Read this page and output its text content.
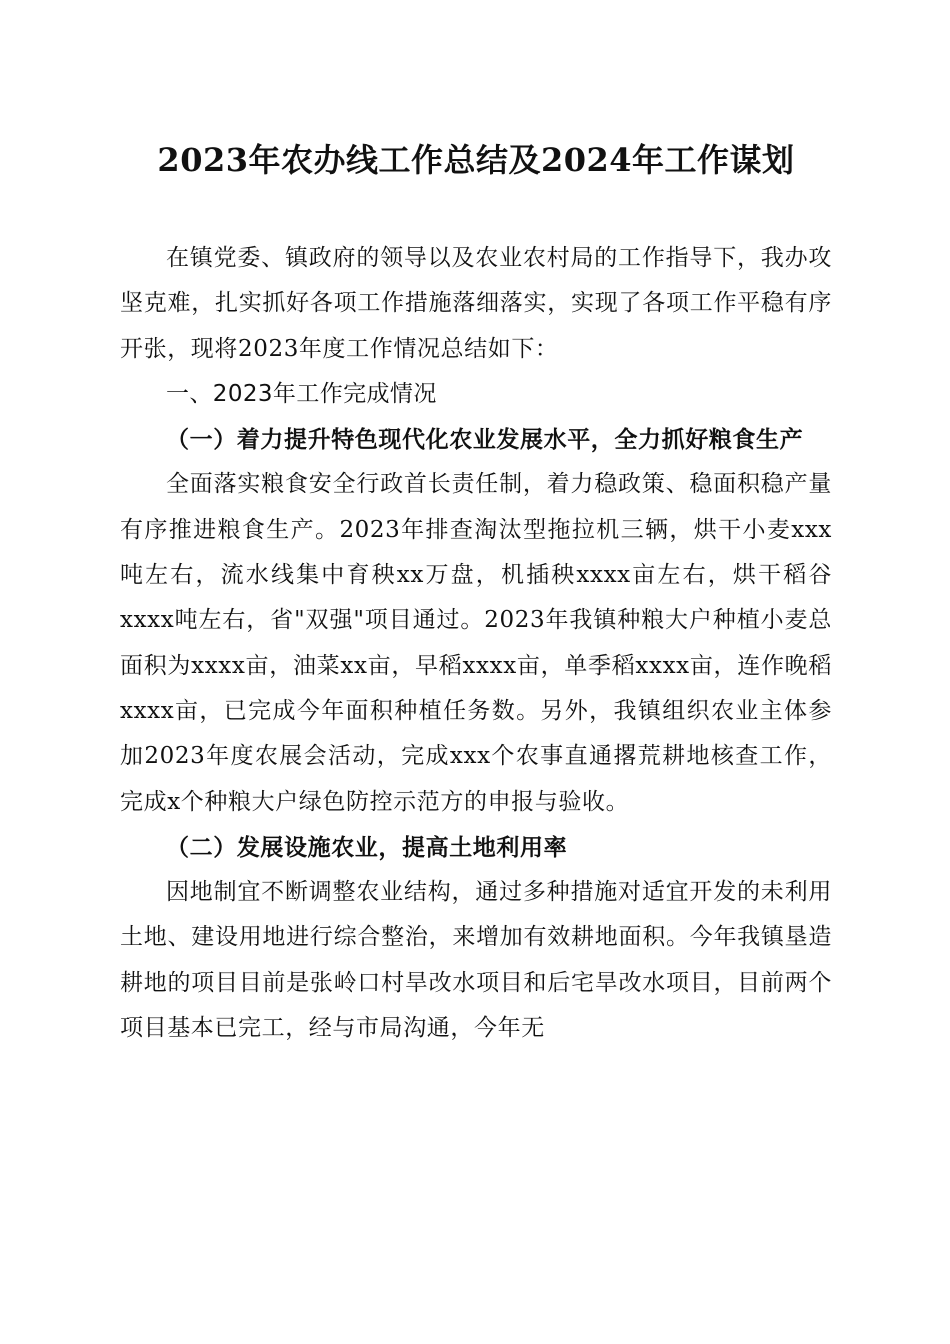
2023年农办线工作总结及2024年工作谋划

在镇党委、镇政府的领导以及农业农村局的工作指导下，我办攻坚克难，扎实抓好各项工作措施落细落实，实现了各项工作平稳有序开张，现将2023年度工作情况总结如下：

一、2023年工作完成情况

（一）着力提升特色现代化农业发展水平，全力抓好粮食生产

全面落实粮食安全行政首长责任制，着力稳政策、稳面积稳产量有序推进粮食生产。2023年排查淘汰型拖拉机三辆，烘干小麦xxx吨左右，流水线集中育秧xx万盘，机插秧xxxx亩左右，烘干稻谷xxxx吨左右，省"双强"项目通过。2023年我镇种粮大户种植小麦总面积为xxxx亩，油菜xx亩，早稻xxxx亩，单季稻xxxx亩，连作晚稻xxxx亩，已完成今年面积种植任务数。另外，我镇组织农业主体参加2023年度农展会活动，完成xxx个农事直通撂荒耕地核查工作，完成x个种粮大户绿色防控示范方的申报与验收。

（二）发展设施农业，提高土地利用率

因地制宜不断调整农业结构，通过多种措施对适宜开发的未利用土地、建设用地进行综合整治，来增加有效耕地面积。今年我镇垦造耕地的项目目前是张岭口村旱改水项目和后宅旱改水项目，目前两个项目基本已完工，经与市局沟通，今年无
